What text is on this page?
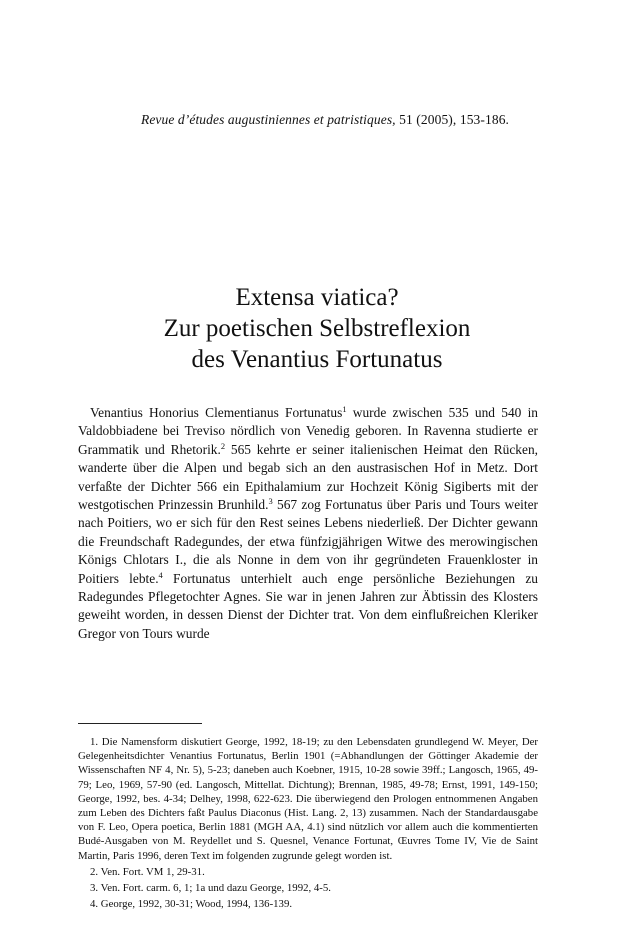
Revue d’études augustiniennes et patristiques, 51 (2005), 153-186.
Extensa viatica?
Zur poetischen Selbstreflexion
des Venantius Fortunatus
Venantius Honorius Clementianus Fortunatus$^1$ wurde zwischen 535 und 540 in Valdobbiadene bei Treviso nördlich von Venedig geboren. In Ravenna studierte er Grammatik und Rhetorik.$^2$ 565 kehrte er seiner italienischen Heimat den Rücken, wanderte über die Alpen und begab sich an den austrasischen Hof in Metz. Dort verfaßte der Dichter 566 ein Epithalamium zur Hochzeit König Sigiberts mit der westgotischen Prinzessin Brunhild.$^3$ 567 zog Fortunatus über Paris und Tours weiter nach Poitiers, wo er sich für den Rest seines Lebens niederließ. Der Dichter gewann die Freundschaft Radegundes, der etwa fünfzigjährigen Witwe des merowingischen Königs Chlotars I., die als Nonne in dem von ihr gegründeten Frauenkloster in Poitiers lebte.$^4$ Fortunatus unterhielt auch enge persönliche Beziehungen zu Radegundes Pflegetochter Agnes. Sie war in jenen Jahren zur Äbtissin des Klosters geweiht worden, in dessen Dienst der Dichter trat. Von dem einflußreichen Kleriker Gregor von Tours wurde

1. Die Namensform diskutiert George, 1992, 18-19; zu den Lebensdaten grundlegend W. Meyer, Der Gelegenheitsdichter Venantius Fortunatus, Berlin 1901 (=Abhandlungen der Göttinger Akademie der Wissenschaften NF 4, Nr. 5), 5-23; daneben auch Koebner, 1915, 10-28 sowie 39ff.; Langosch, 1965, 49-79; Leo, 1969, 57-90 (ed. Langosch, Mittellat. Dichtung); Brennan, 1985, 49-78; Ernst, 1991, 149-150; George, 1992, bes. 4-34; Delhey, 1998, 622-623. Die überwiegend den Prologen entnommenen Angaben zum Leben des Dichters faßt Paulus Diaconus (Hist. Lang. 2, 13) zusammen. Nach der Standardausgabe von F. Leo, Opera poetica, Berlin 1881 (MGH AA, 4.1) sind nützlich vor allem auch die kommentierten Budé-Ausgaben von M. Reydellet und S. Quesnel, Venance Fortunat, Œuvres Tome IV, Vie de Saint Martin, Paris 1996, deren Text im folgenden zugrunde gelegt worden ist.

2. Ven. Fort. VM 1, 29-31.

3. Ven. Fort. carm. 6, 1; 1a und dazu George, 1992, 4-5.

4. George, 1992, 30-31; Wood, 1994, 136-139.
